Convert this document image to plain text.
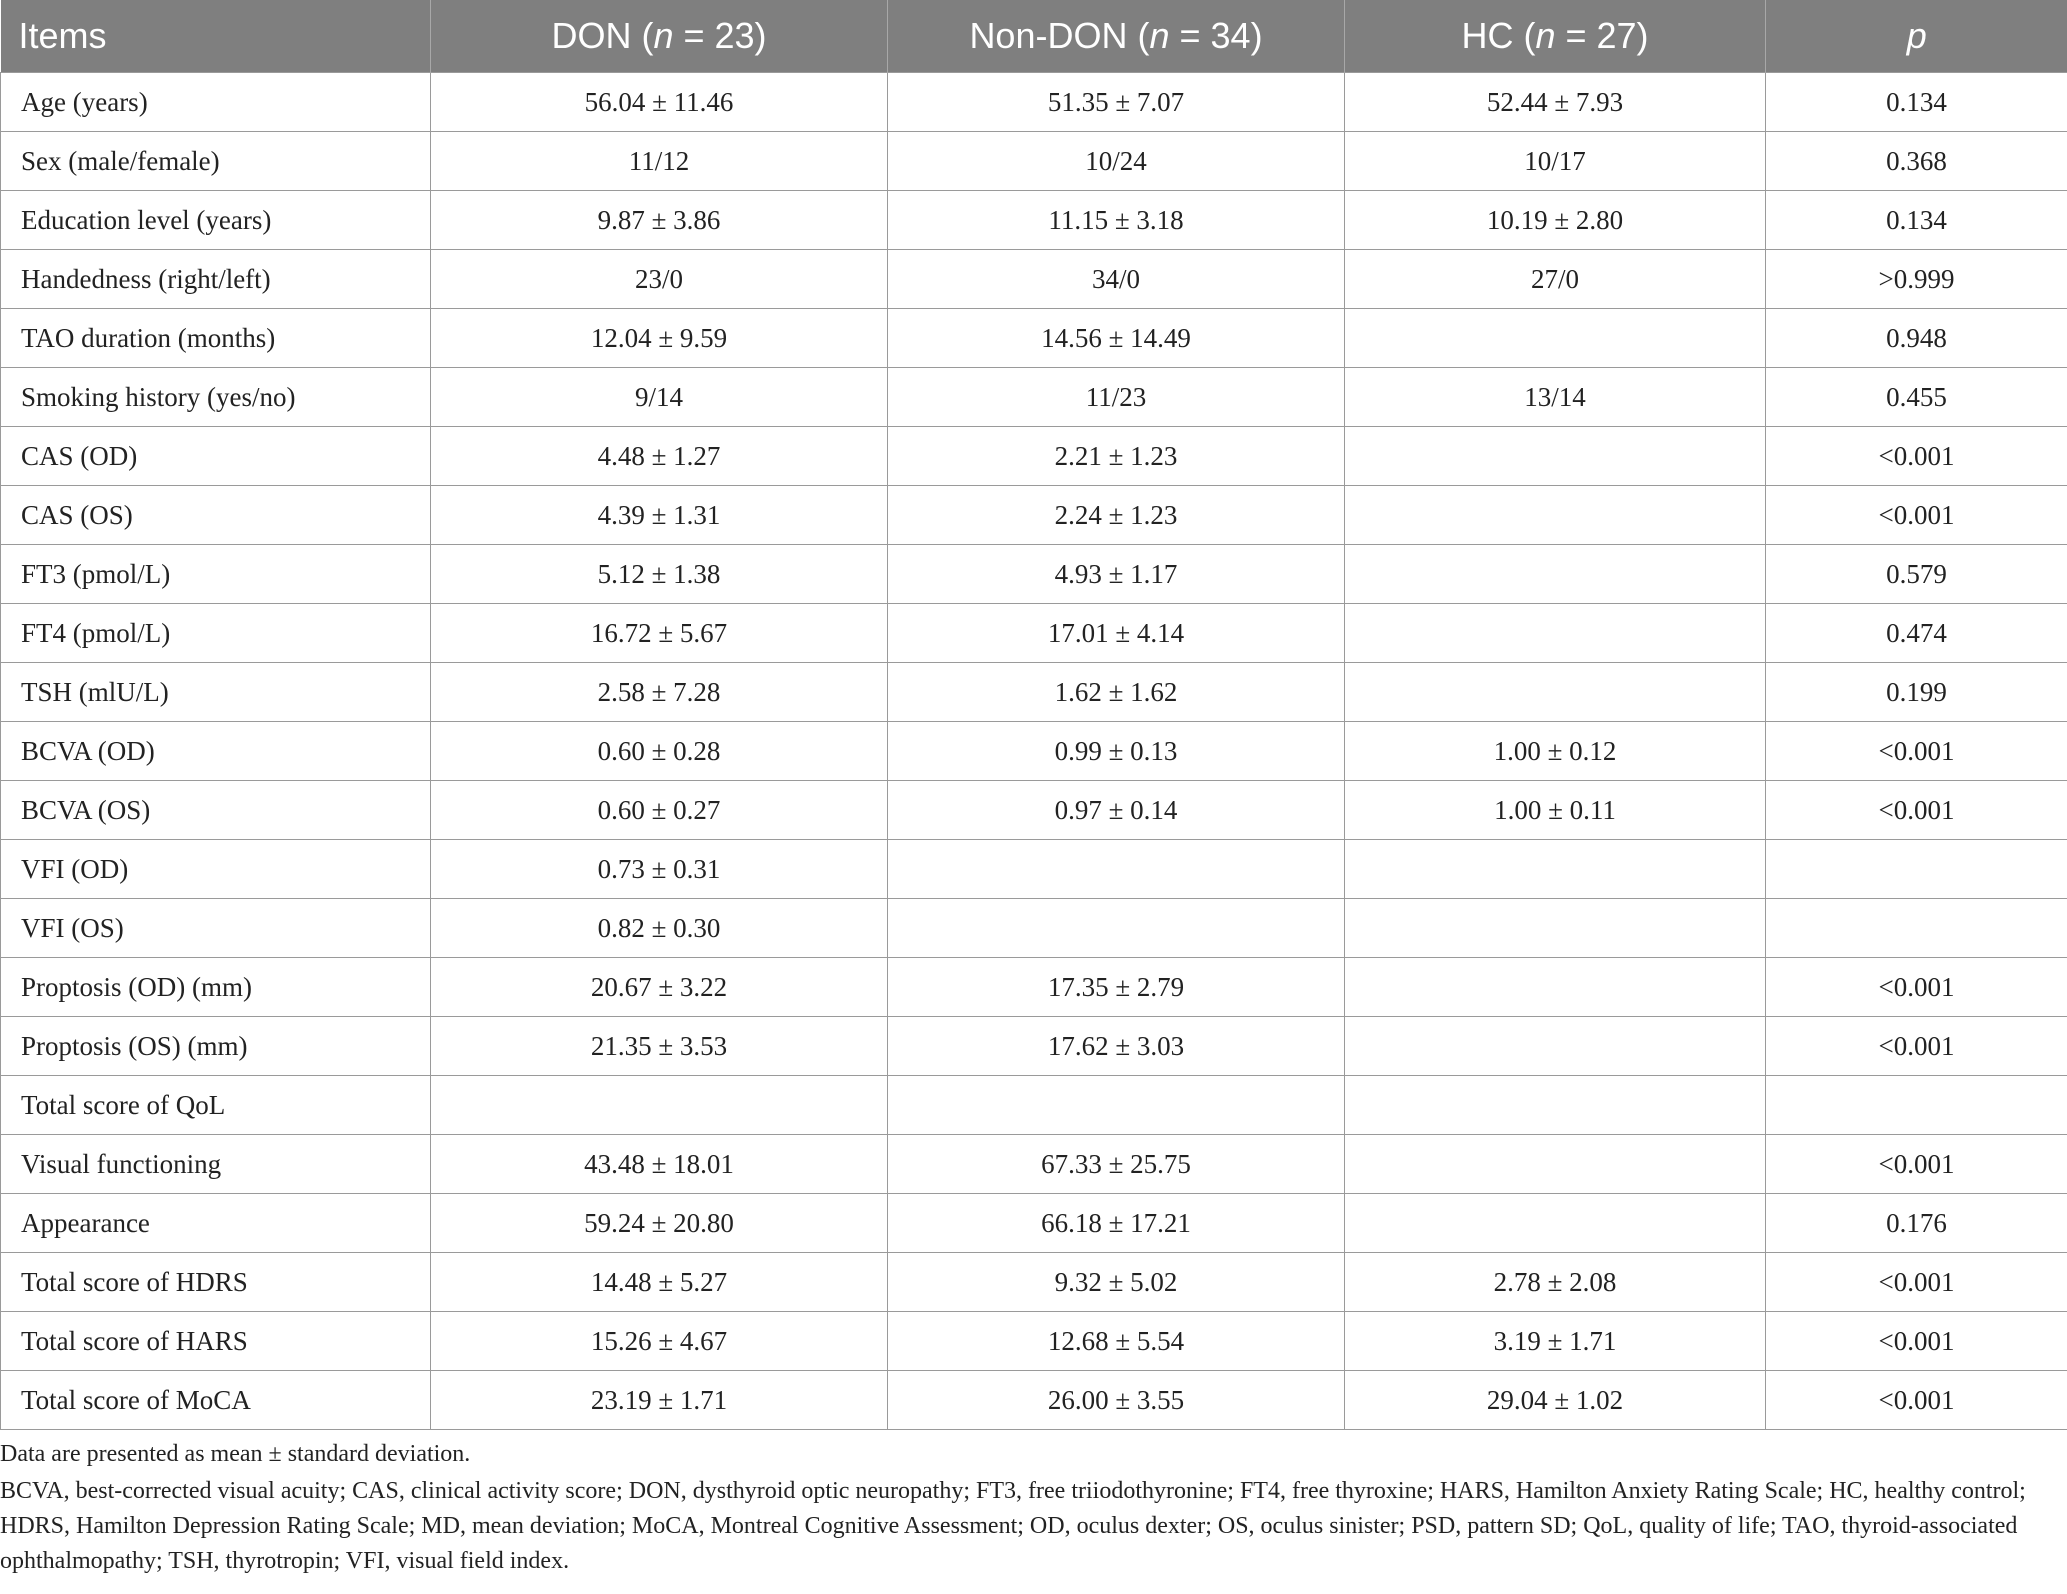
Items	DON (n = 23)	Non-DON (n = 34)	HC (n = 27)	p
Age (years)	56.04 ± 11.46	51.35 ± 7.07	52.44 ± 7.93	0.134
Sex (male/female)	11/12	10/24	10/17	0.368
Education level (years)	9.87 ± 3.86	11.15 ± 3.18	10.19 ± 2.80	0.134
Handedness (right/left)	23/0	34/0	27/0	>0.999
TAO duration (months)	12.04 ± 9.59	14.56 ± 14.49		0.948
Smoking history (yes/no)	9/14	11/23	13/14	0.455
CAS (OD)	4.48 ± 1.27	2.21 ± 1.23		<0.001
CAS (OS)	4.39 ± 1.31	2.24 ± 1.23		<0.001
FT3 (pmol/L)	5.12 ± 1.38	4.93 ± 1.17		0.579
FT4 (pmol/L)	16.72 ± 5.67	17.01 ± 4.14		0.474
TSH (mlU/L)	2.58 ± 7.28	1.62 ± 1.62		0.199
BCVA (OD)	0.60 ± 0.28	0.99 ± 0.13	1.00 ± 0.12	<0.001
BCVA (OS)	0.60 ± 0.27	0.97 ± 0.14	1.00 ± 0.11	<0.001
VFI (OD)	0.73 ± 0.31			
VFI (OS)	0.82 ± 0.30			
Proptosis (OD) (mm)	20.67 ± 3.22	17.35 ± 2.79		<0.001
Proptosis (OS) (mm)	21.35 ± 3.53	17.62 ± 3.03		<0.001
Total score of QoL				
Visual functioning	43.48 ± 18.01	67.33 ± 25.75		<0.001
Appearance	59.24 ± 20.80	66.18 ± 17.21		0.176
Total score of HDRS	14.48 ± 5.27	9.32 ± 5.02	2.78 ± 2.08	<0.001
Total score of HARS	15.26 ± 4.67	12.68 ± 5.54	3.19 ± 1.71	<0.001
Total score of MoCA	23.19 ± 1.71	26.00 ± 3.55	29.04 ± 1.02	<0.001

Data are presented as mean ± standard deviation.

BCVA, best-corrected visual acuity; CAS, clinical activity score; DON, dysthyroid optic neuropathy; FT3, free triiodothyronine; FT4, free thyroxine; HARS, Hamilton Anxiety Rating Scale; HC, healthy control; HDRS, Hamilton Depression Rating Scale; MD, mean deviation; MoCA, Montreal Cognitive Assessment; OD, oculus dexter; OS, oculus sinister; PSD, pattern SD; QoL, quality of life; TAO, thyroid-associated ophthalmopathy; TSH, thyrotropin; VFI, visual field index.
